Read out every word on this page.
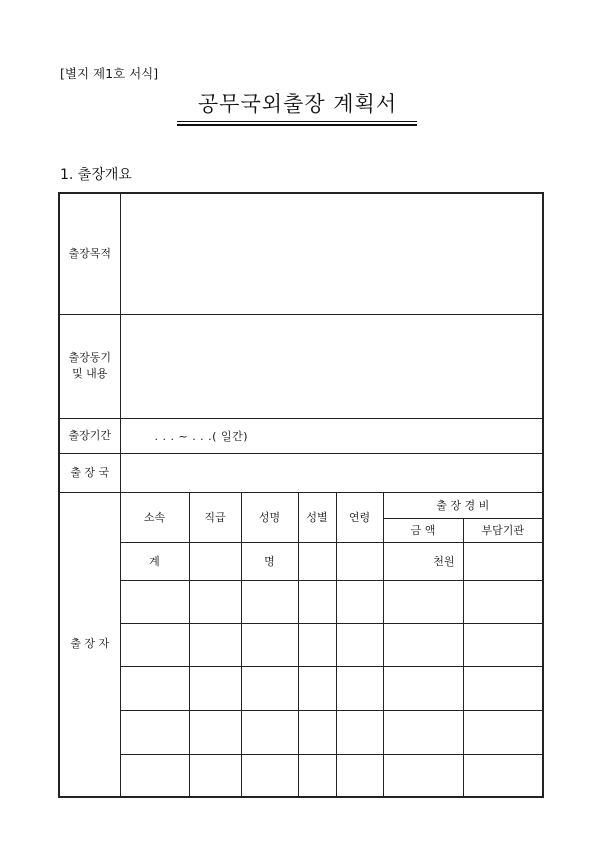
[별지 제1호 서식]
공무국외출장 계획서
1. 출장개요
출장목적							

출장동기
및 내용							

출장기간	. . . ~ . . .( 일간)						
출 장 국							
출 장 자	소속	직급	성명	성별	연령	출 장 경 비	
						금 액	부담기관
	계		명			천원	
